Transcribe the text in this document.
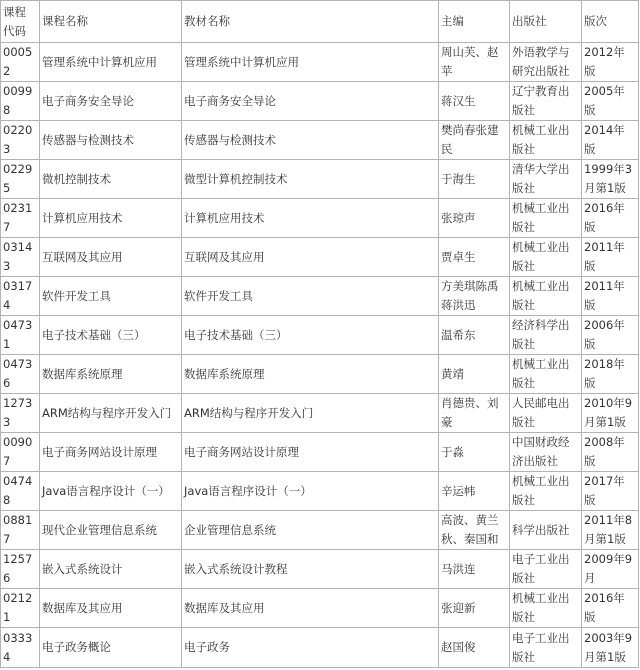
课程代码	课程名称	教材名称	主编	出版社	版次
00052	管理系统中计算机应用	管理系统中计算机应用	周山芙、赵苹	外语教学与研究出版社	2012年版
00998	电子商务安全导论	电子商务安全导论	蒋汉生	辽宁教育出版社	2005年版
02203	传感器与检测技术	传感器与检测技术	樊尚春张建民	机械工业出版社	2014年版
02295	微机控制技术	微型计算机控制技术	于海生	清华大学出版社	1999年3月第1版
02317	计算机应用技术	计算机应用技术	张琼声	机械工业出版社	2016年版
03143	互联网及其应用	互联网及其应用	贾卓生	机械工业出版社	2011年版
03174	软件开发工具	软件开发工具	方美琪陈禹蒋洪迅	机械工业出版社	2011年版
04731	电子技术基础（三）	电子技术基础（三）	温希东	经济科学出版社	2006年版
04736	数据库系统原理	数据库系统原理	黄靖	机械工业出版社	2018年版
12733	ARM结构与程序开发入门	ARM结构与程序开发入门	肖德贵、刘豪	人民邮电出版社	2010年9月第1版
00907	电子商务网站设计原理	电子商务网站设计原理	于淼	中国财政经济出版社	2008年版
04748	Java语言程序设计（一）	Java语言程序设计（一）	辛运帏	机械工业出版社	2017年版
08817	现代企业管理信息系统	企业管理信息系统	高波、黄兰秋、秦国和	科学出版社	2011年8月第1版
12576	嵌入式系统设计	嵌入式系统设计教程	马洪连	电子工业出版社	2009年9月
02121	数据库及其应用	数据库及其应用	张迎新	机械工业出版社	2016年版
03334	电子政务概论	电子政务	赵国俊	电子工业出版社	2003年9月第1版
